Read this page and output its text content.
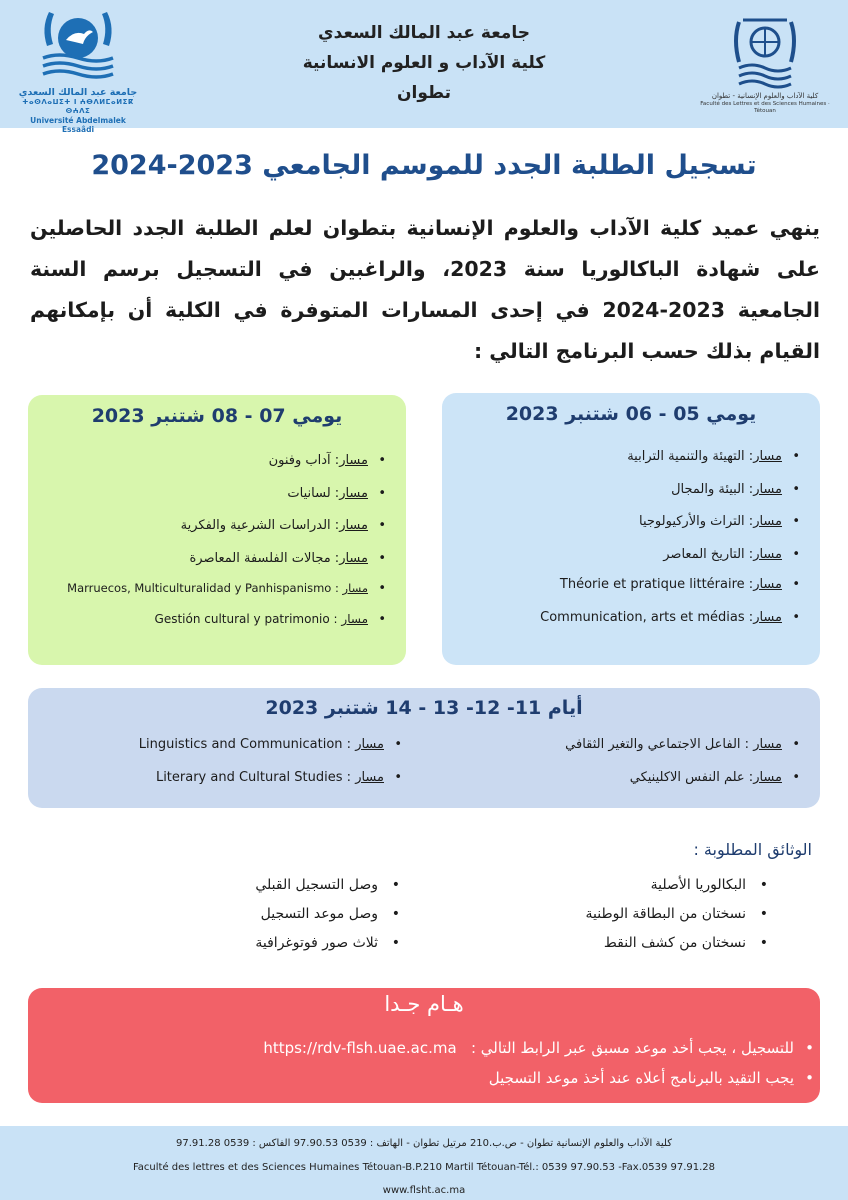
جامعة عبد المالك السعدي
ⵜⴰⵙⴷⴰⵡⵉⵜ ⵏ ⵄⴱⴷⵍⵎⴰⵍⵉⴽ ⵙⵄⴷⵉ
Université Abdelmalek Essaâdi
جامعة عبد المالك السعدي
كلية الآداب و العلوم الانسانية
تطوان	كلية الآداب والعلوم الإنسانية - تطوان
Faculté des Lettres et des Sciences Humaines · Tétouan
تسجيل الطلبة الجدد للموسم الجامعي 2023-2024
ينهي عميد كلية الآداب والعلوم الإنسانية بتطوان لعلم الطلبة الجدد الحاصلين على شهادة الباكالوريا سنة 2023، والراغبين في التسجيل برسم السنة الجامعية 2023-2024 في إحدى المسارات المتوفرة في الكلية أن بإمكانهم القيام بذلك حسب البرنامج التالي :
يومي 05 - 06 شتنبر 2023
• مسار: التهيئة والتنمية الترابية
• مسار: البيئة والمجال
• مسار: التراث والأركيولوجيا
• مسار: التاريخ المعاصر
• مسار: Théorie et pratique littéraire
• مسار: Communication, arts et médias
يومي 07 - 08 شتنبر 2023
• مسار: آداب وفنون
• مسار: لسانيات
• مسار: الدراسات الشرعية والفكرية
• مسار: مجالات الفلسفة المعاصرة
• مسار : Marruecos, Multiculturalidad y Panhispanismo
• مسار : Gestión cultural y patrimonio
أيام 11- 12- 13 - 14 شتنبر 2023
• مسار : الفاعل الاجتماعي والتغير الثقافي
• مسار: علم النفس الاكلينيكي
• مسار : Linguistics and Communication
• مسار : Literary and Cultural Studies
الوثائق المطلوبة :
• البكالوريا الأصلية
• نسختان من البطاقة الوطنية
• نسختان من كشف النقط
• وصل التسجيل القبلي
• وصل موعد التسجيل
• ثلاث صور فوتوغرافية
هـام جـدا
• للتسجيل ، يجب أخد موعد مسبق عبر الرابط التالي :   https://rdv-flsh.uae.ac.ma
• يجب التقيد بالبرنامج أعلاه عند أخذ موعد التسجيل
كلية الآداب والعلوم الإنسانية تطوان - ص.ب.210 مرتيل تطوان - الهاتف : 0539 97.90.53 الفاكس : 0539 97.91.28
Faculté des lettres et des Sciences Humaines Tétouan-B.P.210 Martil Tétouan-Tél.: 0539 97.90.53 -Fax.0539 97.91.28
www.flsht.ac.ma
